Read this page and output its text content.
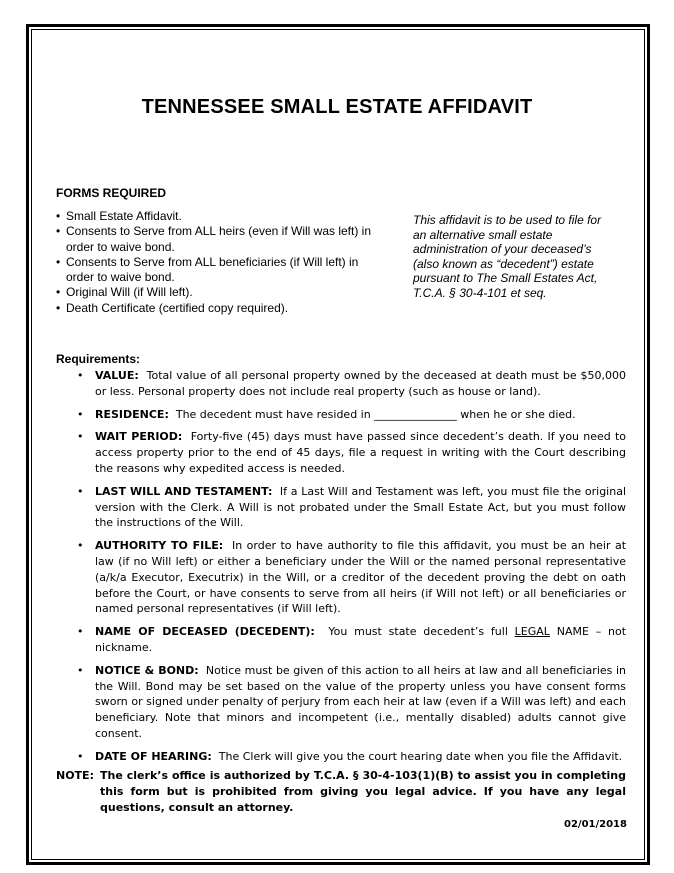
TENNESSEE SMALL ESTATE AFFIDAVIT
FORMS REQUIRED
• Small Estate Affidavit.
• Consents to Serve from ALL heirs (even if Will was left) in order to waive bond.
• Consents to Serve from ALL beneficiaries (if Will left) in order to waive bond.
• Original Will (if Will left).
• Death Certificate (certified copy required).
This affidavit is to be used to file for an alternative small estate administration of your deceased’s (also known as “decedent”) estate pursuant to The Small Estates Act, T.C.A. § 30-4-101 et seq.
Requirements:
• VALUE: Total value of all personal property owned by the deceased at death must be $50,000 or less. Personal property does not include real property (such as house or land).
• RESIDENCE: The decedent must have resided in _______________ when he or she died.
• WAIT PERIOD: Forty-five (45) days must have passed since decedent’s death. If you need to access property prior to the end of 45 days, file a request in writing with the Court describing the reasons why expedited access is needed.
• LAST WILL AND TESTAMENT: If a Last Will and Testament was left, you must file the original version with the Clerk. A Will is not probated under the Small Estate Act, but you must follow the instructions of the Will.
• AUTHORITY TO FILE: In order to have authority to file this affidavit, you must be an heir at law (if no Will left) or either a beneficiary under the Will or the named personal representative (a/k/a Executor, Executrix) in the Will, or a creditor of the decedent proving the debt on oath before the Court, or have consents to serve from all heirs (if Will not left) or all beneficiaries or named personal representatives (if Will left).
• NAME OF DECEASED (DECEDENT): You must state decedent’s full LEGAL NAME – not nickname.
• NOTICE & BOND: Notice must be given of this action to all heirs at law and all beneficiaries in the Will. Bond may be set based on the value of the property unless you have consent forms sworn or signed under penalty of perjury from each heir at law (even if a Will was left) and each beneficiary. Note that minors and incompetent (i.e., mentally disabled) adults cannot give consent.
• DATE OF HEARING: The Clerk will give you the court hearing date when you file the Affidavit.
NOTE: The clerk’s office is authorized by T.C.A. § 30-4-103(1)(B) to assist you in completing this form but is prohibited from giving you legal advice. If you have any legal questions, consult an attorney.
02/01/2018
